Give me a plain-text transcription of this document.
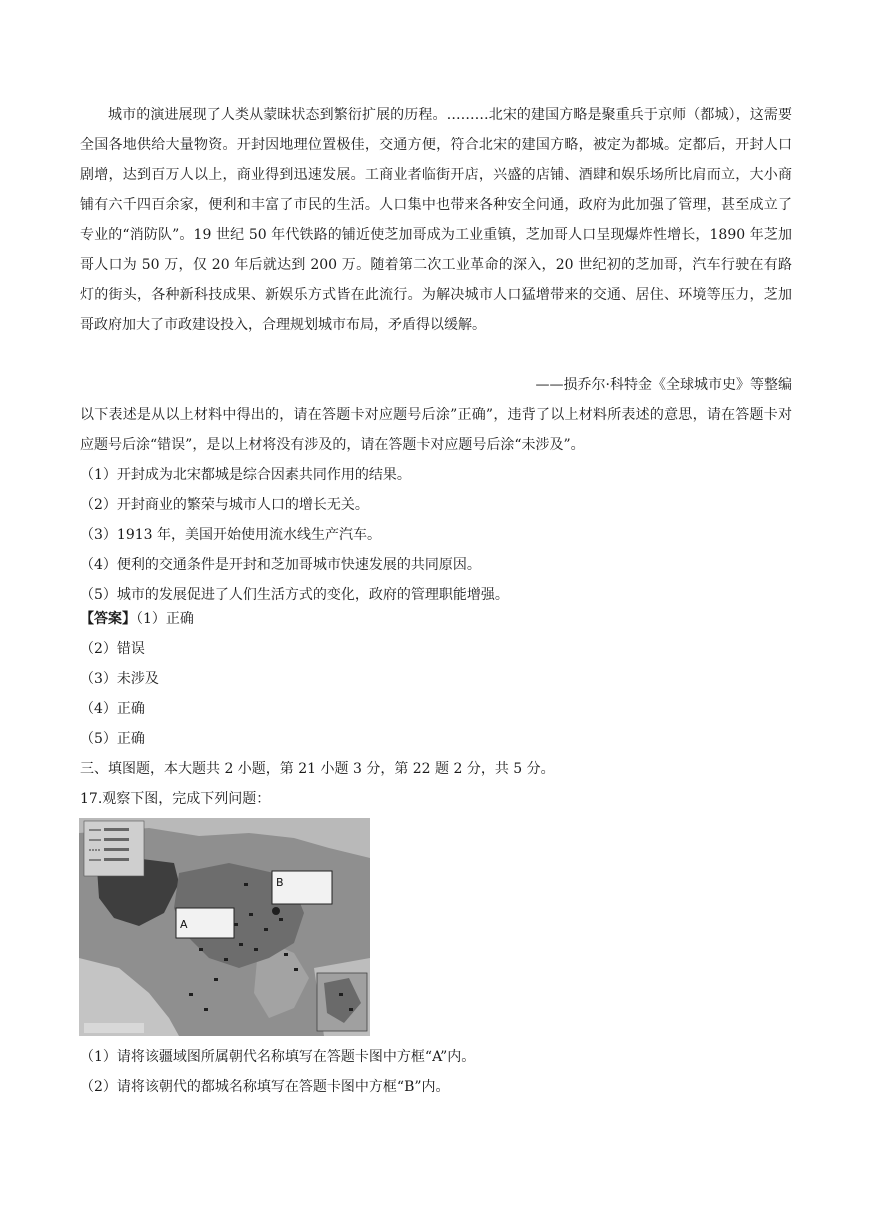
城市的演进展现了人类从蒙昧状态到繁衍扩展的历程。………北宋的建国方略是聚重兵于京师（都城），这需要全国各地供给大量物资。开封因地理位置极佳，交通方便，符合北宋的建国方略，被定为都城。定都后，开封人口剧增，达到百万人以上，商业得到迅速发展。工商业者临街开店，兴盛的店铺、酒肆和娱乐场所比肩而立，大小商铺有六千四百余家，便利和丰富了市民的生活。人口集中也带来各种安全问通，政府为此加强了管理，甚至成立了专业的“消防队”。19 世纪 50 年代铁路的铺近使芝加哥成为工业重镇，芝加哥人口呈现爆炸性增长，1890 年芝加哥人口为 50 万，仅 20 年后就达到 200 万。随着第二次工业革命的深入，20 世纪初的芝加哥，汽车行驶在有路灯的街头，各种新科技成果、新娱乐方式皆在此流行。为解决城市人口猛增带来的交通、居住、环境等压力，芝加哥政府加大了市政建设投入，合理规划城市布局，矛盾得以缓解。

——损乔尔·科特金《全球城市史》等整编

以下表述是从以上材料中得出的，请在答题卡对应题号后涂”正确”，违背了以上材料所表述的意思，请在答题卡对应题号后涂“错误”，是以上材将没有涉及的，请在答题卡对应题号后涂“未涉及”。

（1）开封成为北宋都城是综合因素共同作用的结果。

（2）开封商业的繁荣与城市人口的增长无关。

（3）1913 年，美国开始使用流水线生产汽车。

（4）便利的交通条件是开封和芝加哥城市快速发展的共同原因。

（5）城市的发展促进了人们生活方式的变化，政府的管理职能增强。

【答案】（1）正确

（2）错误

（3）未涉及

（4）正确

（5）正确

三、填图题，本大题共 2 小题，第 21 小题 3 分，第 22 题 2 分，共 5 分。

17.观察下图，完成下列问题：

A
B

（1）请将该疆域图所属朝代名称填写在答题卡图中方框“A”内。

（2）请将该朝代的都城名称填写在答题卡图中方框“B”内。
